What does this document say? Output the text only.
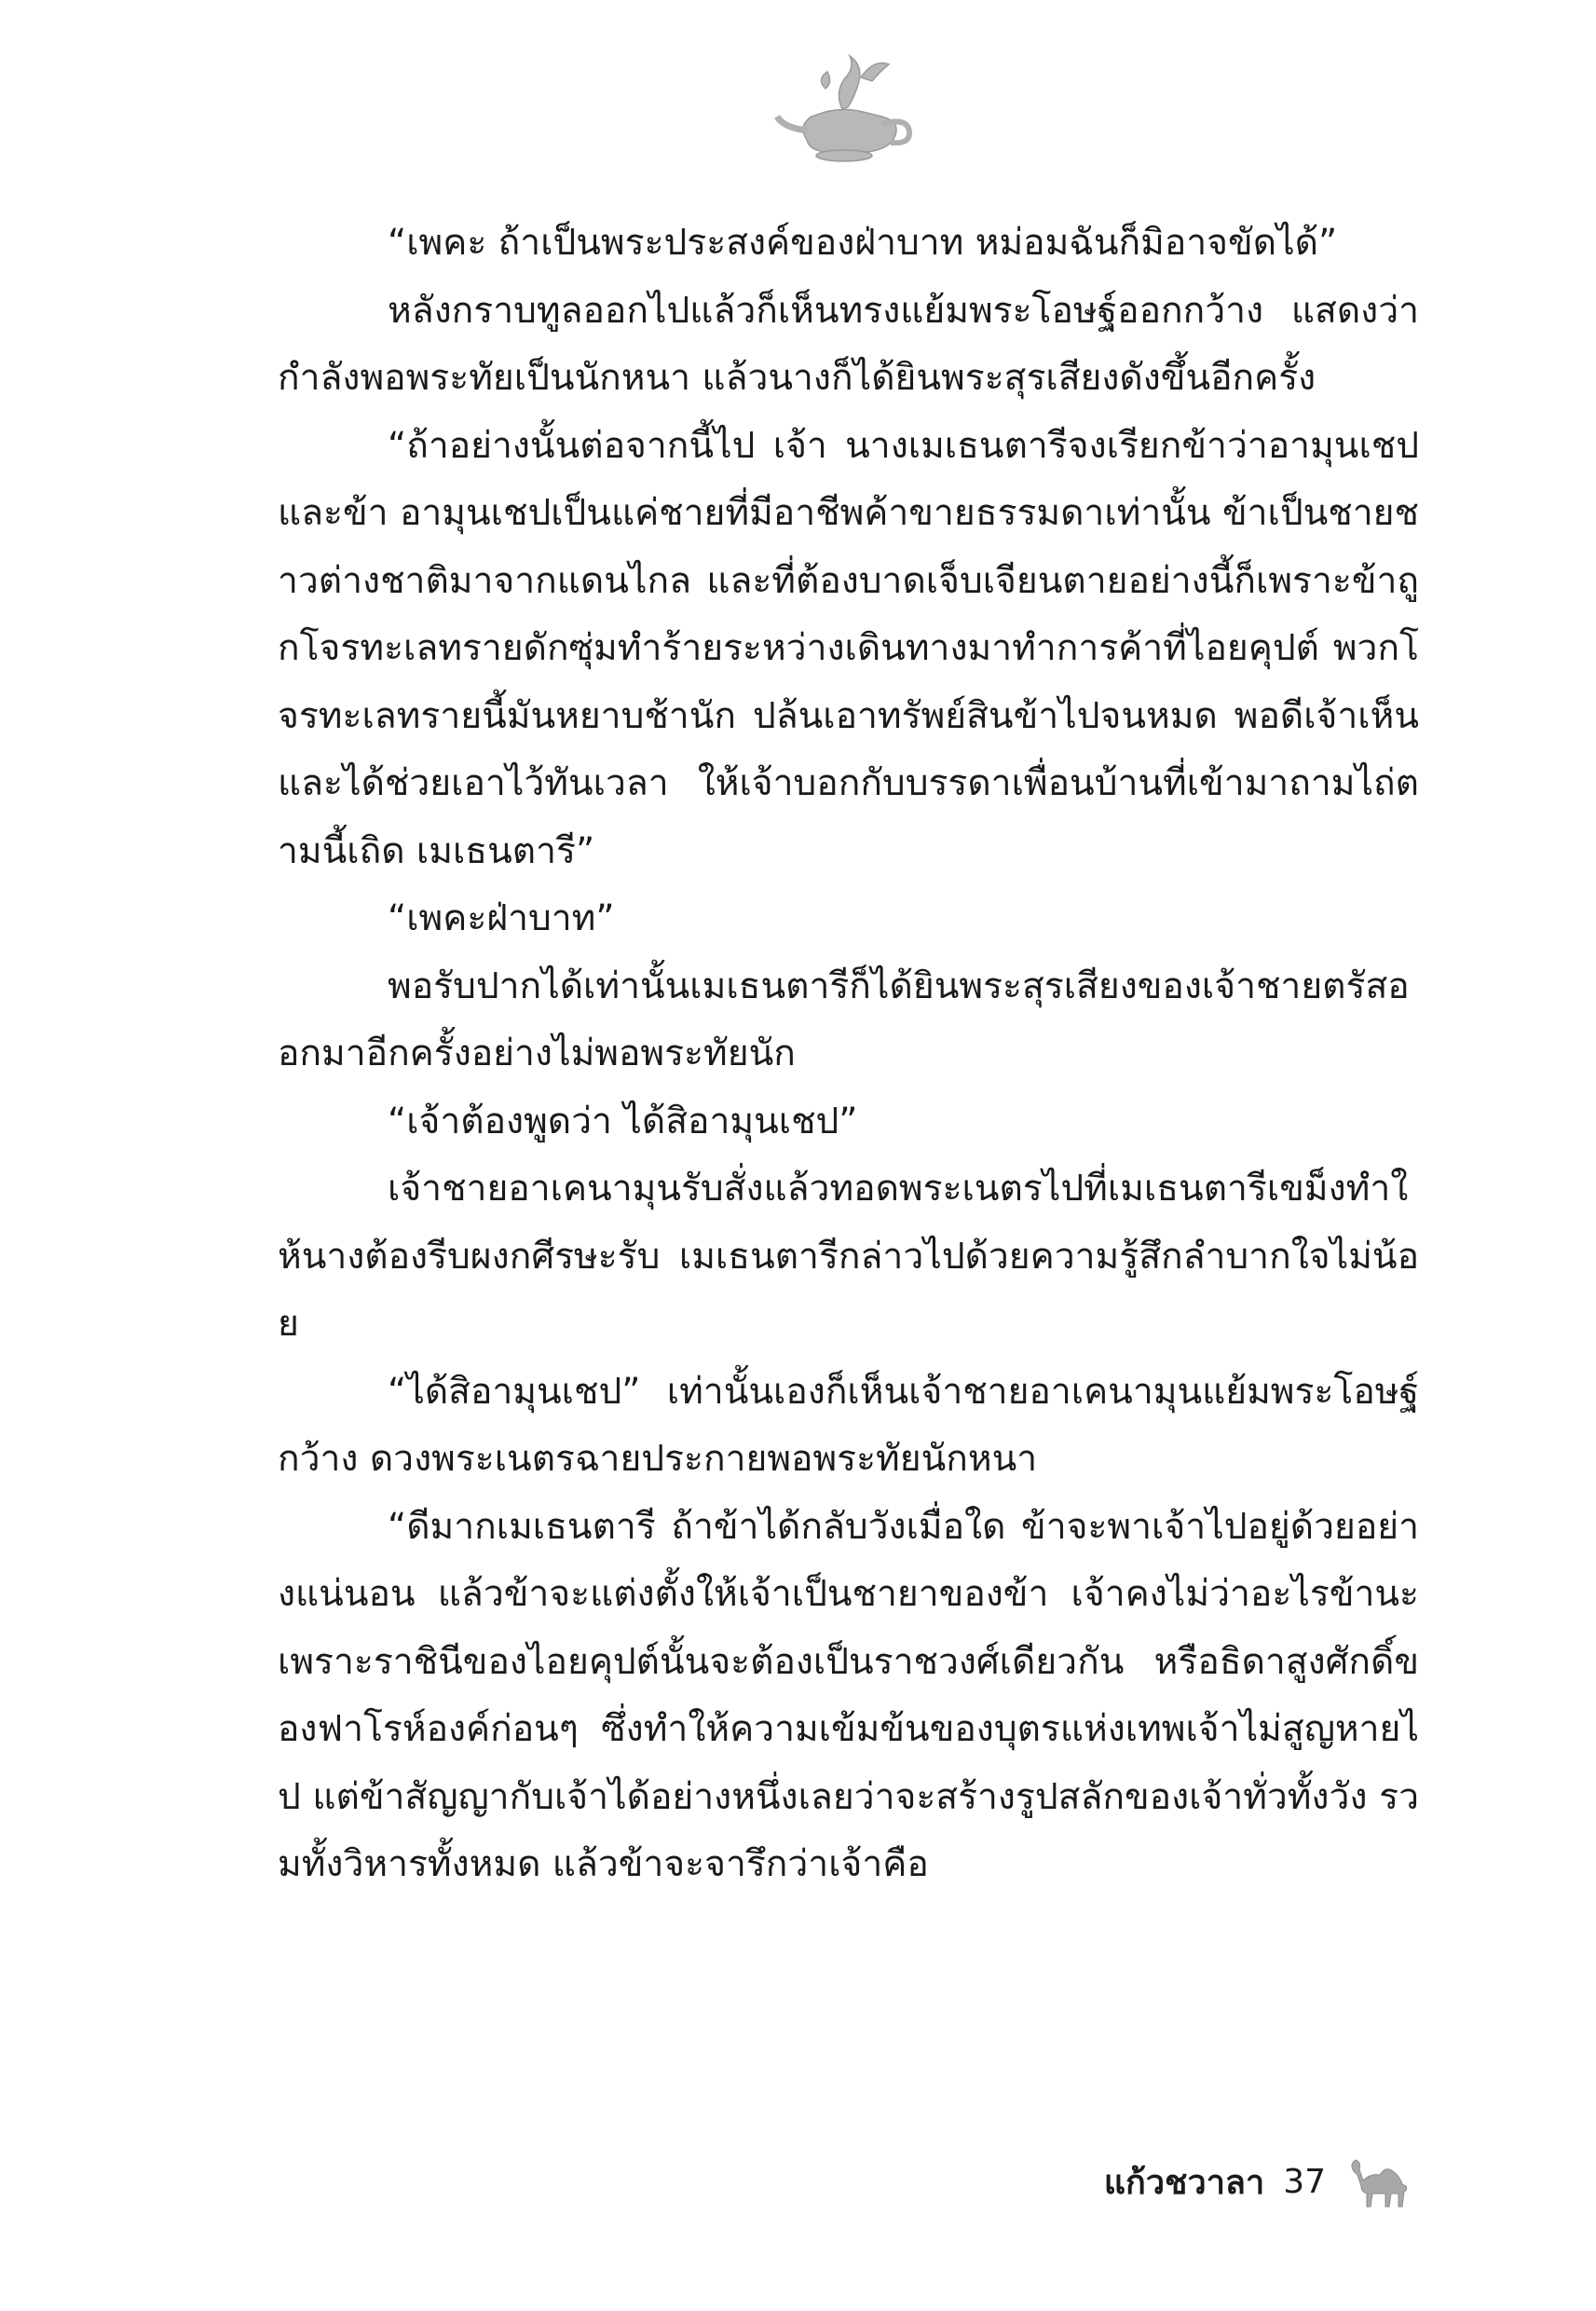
“เพคะ ถ้าเป็นพระประสงค์ของฝ่าบาท หม่อมฉันก็มิอาจขัดได้”

หลังกราบทูลออกไปแล้วก็เห็นทรงแย้มพระโอษฐ์ออกกว้าง แสดงว่ากำลังพอพระทัยเป็นนักหนา แล้วนางก็ได้ยินพระสุรเสียงดังขึ้นอีกครั้ง

“ถ้าอย่างนั้นต่อจากนี้ไป เจ้า นางเมเธนตารีจงเรียกข้าว่าอามุนเชปและข้า อามุนเชปเป็นแค่ชายที่มีอาชีพค้าขายธรรมดาเท่านั้น ข้าเป็นชายชาวต่างชาติมาจากแดนไกล และที่ต้องบาดเจ็บเจียนตายอย่างนี้ก็เพราะข้าถูกโจรทะเลทรายดักซุ่มทำร้ายระหว่างเดินทางมาทำการค้าที่ไอยคุปต์ พวกโจรทะเลทรายนี้มันหยาบช้านัก ปล้นเอาทรัพย์สินข้าไปจนหมด พอดีเจ้าเห็นและได้ช่วยเอาไว้ทันเวลา ให้เจ้าบอกกับบรรดาเพื่อนบ้านที่เข้ามาถามไถ่ตามนี้เถิด เมเธนตารี”

“เพคะฝ่าบาท”

พอรับปากได้เท่านั้นเมเธนตารีก็ได้ยินพระสุรเสียงของเจ้าชายตรัสออกมาอีกครั้งอย่างไม่พอพระทัยนัก

“เจ้าต้องพูดว่า ได้สิอามุนเชป”

เจ้าชายอาเคนามุนรับสั่งแล้วทอดพระเนตรไปที่เมเธนตารีเขม็งทำให้นางต้องรีบผงกศีรษะรับ เมเธนตารีกล่าวไปด้วยความรู้สึกลำบากใจไม่น้อย

“ได้สิอามุนเชป” เท่านั้นเองก็เห็นเจ้าชายอาเคนามุนแย้มพระโอษฐ์กว้าง ดวงพระเนตรฉายประกายพอพระทัยนักหนา

“ดีมากเมเธนตารี ถ้าข้าได้กลับวังเมื่อใด ข้าจะพาเจ้าไปอยู่ด้วยอย่างแน่นอน แล้วข้าจะแต่งตั้งให้เจ้าเป็นชายาของข้า เจ้าคงไม่ว่าอะไรข้านะ เพราะราชินีของไอยคุปต์นั้นจะต้องเป็นราชวงศ์เดียวกัน หรือธิดาสูงศักดิ์ของฟาโรห์องค์ก่อนๆ ซึ่งทำให้ความเข้มข้นของบุตรแห่งเทพเจ้าไม่สูญหายไป แต่ข้าสัญญากับเจ้าได้อย่างหนึ่งเลยว่าจะสร้างรูปสลักของเจ้าทั่วทั้งวัง รวมทั้งวิหารทั้งหมด แล้วข้าจะจารึกว่าเจ้าคือ

แก้วชวาลา 37
